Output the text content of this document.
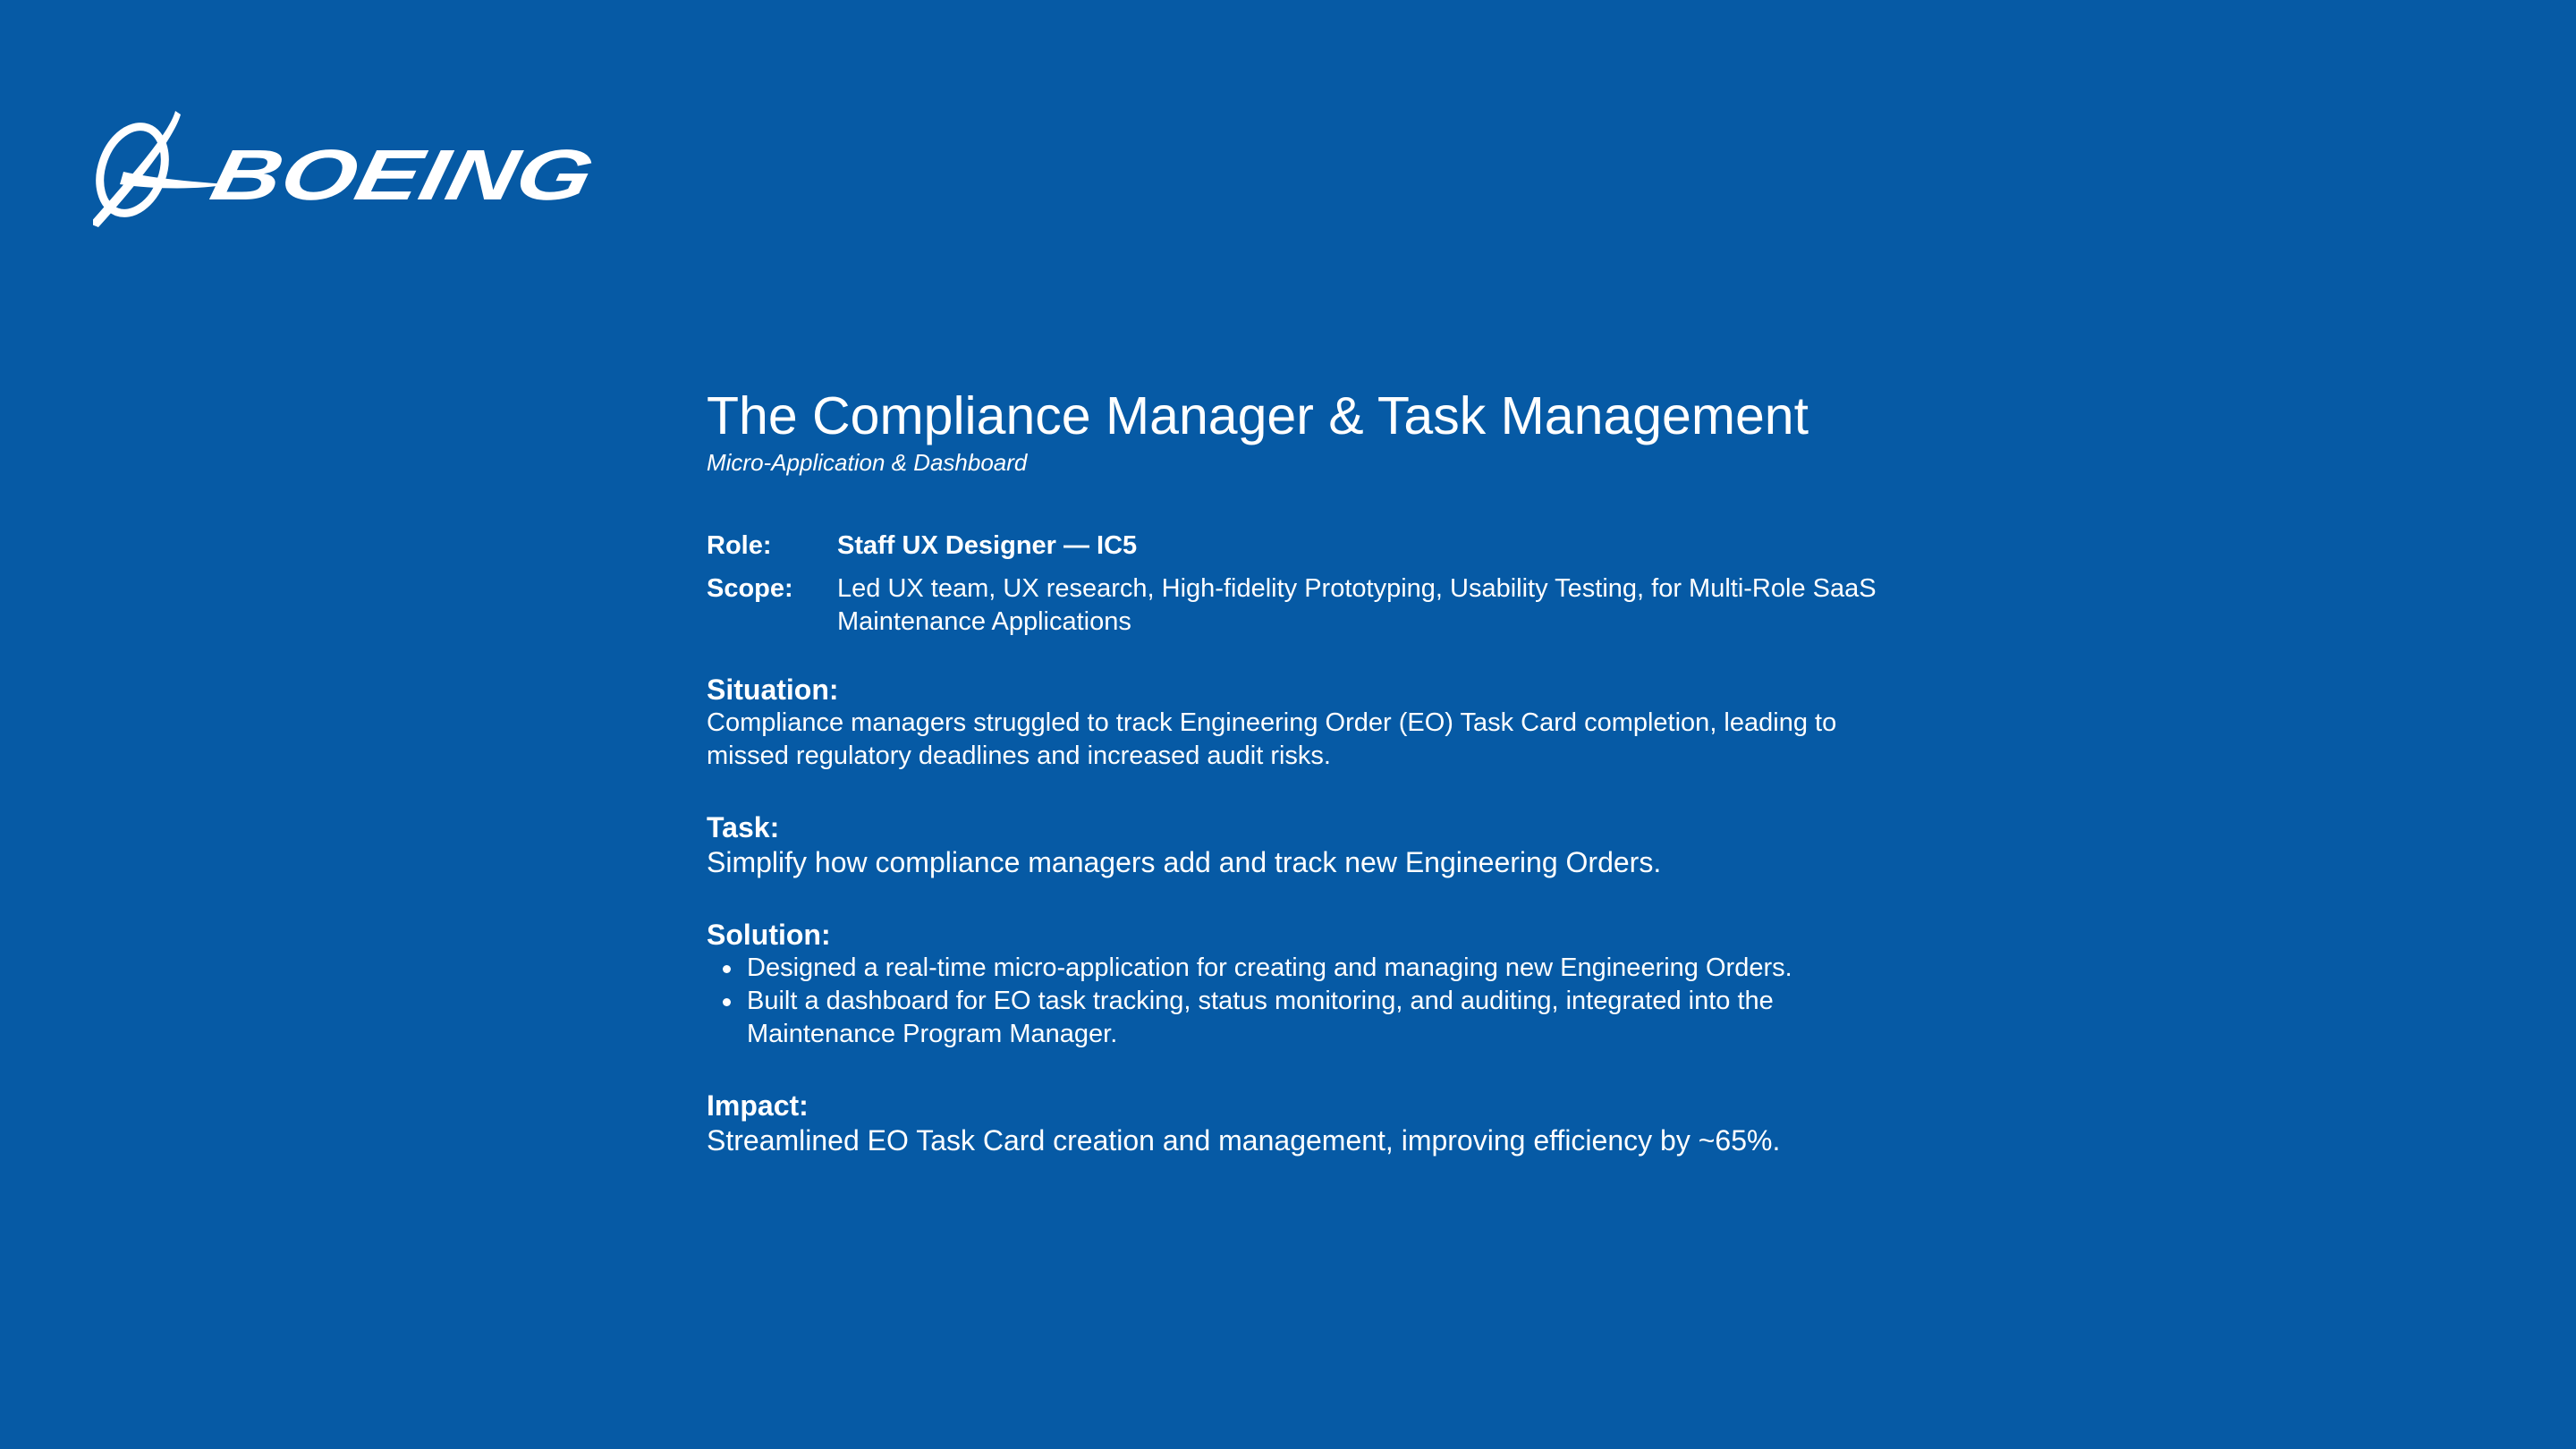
BOEING
The Compliance Manager & Task Management
Micro-Application & Dashboard
Role:	Staff UX Designer — IC5
Scope:	Led UX team, UX research, High-fidelity Prototyping, Usability Testing, for Multi-Role SaaS Maintenance Applications
Situation:
Compliance managers struggled to track Engineering Order (EO) Task Card completion, leading to missed regulatory deadlines and increased audit risks.
Task:
Simplify how compliance managers add and track new Engineering Orders.
Solution:
Designed a real-time micro-application for creating and managing new Engineering Orders.
Built a dashboard for EO task tracking, status monitoring, and auditing, integrated into the Maintenance Program Manager.
Impact:
Streamlined EO Task Card creation and management, improving efficiency by ~65%.
